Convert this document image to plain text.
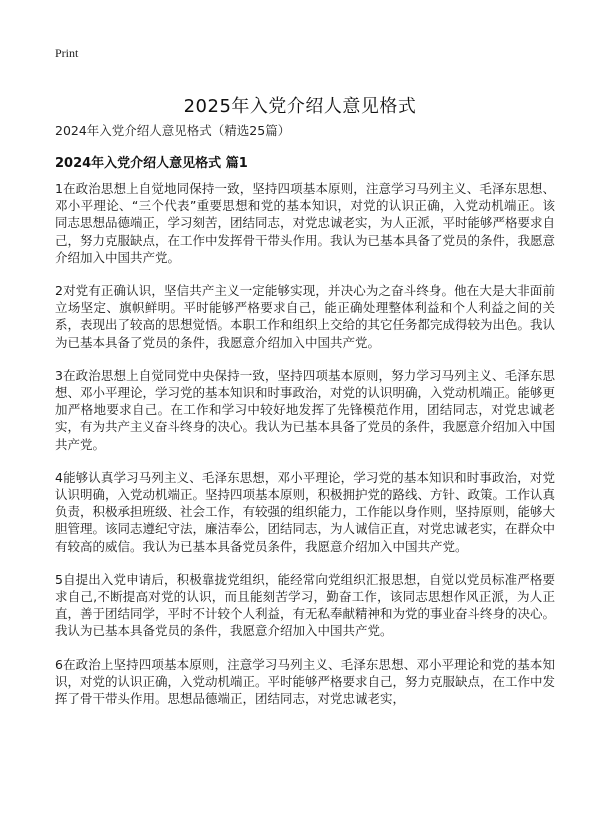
Print
2025年入党介绍人意见格式
2024年入党介绍人意见格式（精选25篇）
2024年入党介绍人意见格式 篇1

1在政治思想上自觉地同保持一致，坚持四项基本原则，注意学习马列主义、毛泽东思想、邓小平理论、“三个代表”重要思想和党的基本知识，对党的认识正确，入党动机端正。该同志思想品德端正，学习刻苦，团结同志，对党忠诚老实，为人正派，平时能够严格要求自己，努力克服缺点，在工作中发挥骨干带头作用。我认为已基本具备了党员的条件，我愿意介绍加入中国共产党。

2对党有正确认识，坚信共产主义一定能够实现，并决心为之奋斗终身。他在大是大非面前立场坚定、旗帜鲜明。平时能够严格要求自己，能正确处理整体利益和个人利益之间的关系，表现出了较高的思想觉悟。本职工作和组织上交给的其它任务都完成得较为出色。我认为已基本具备了党员的条件，我愿意介绍加入中国共产党。

3在政治思想上自觉同党中央保持一致，坚持四项基本原则，努力学习马列主义、毛泽东思想、邓小平理论，学习党的基本知识和时事政治，对党的认识明确，入党动机端正。能够更加严格地要求自己。在工作和学习中较好地发挥了先锋模范作用，团结同志，对党忠诚老实，有为共产主义奋斗终身的决心。我认为已基本具备了党员的条件，我愿意介绍加入中国共产党。

4能够认真学习马列主义、毛泽东思想，邓小平理论，学习党的基本知识和时事政治，对党认识明确，入党动机端正。坚持四项基本原则，积极拥护党的路线、方针、政策。工作认真负责，积极承担班级、社会工作，有较强的组织能力，工作能以身作则，坚持原则，能够大胆管理。该同志遵纪守法，廉洁奉公，团结同志，为人诚信正直，对党忠诚老实，在群众中有较高的威信。我认为已基本具备党员条件，我愿意介绍加入中国共产党。

5自提出入党申请后，积极靠拢党组织，能经常向党组织汇报思想，自觉以党员标准严格要求自己,不断提高对党的认识，而且能刻苦学习，勤奋工作，该同志思想作风正派，为人正直，善于团结同学，平时不计较个人利益，有无私奉献精神和为党的事业奋斗终身的决心。我认为已基本具备党员的条件，我愿意介绍加入中国共产党。

6在政治上坚持四项基本原则，注意学习马列主义、毛泽东思想、邓小平理论和党的基本知识，对党的认识正确，入党动机端正。平时能够严格要求自己，努力克服缺点，在工作中发挥了骨干带头作用。思想品德端正，团结同志，对党忠诚老实，
